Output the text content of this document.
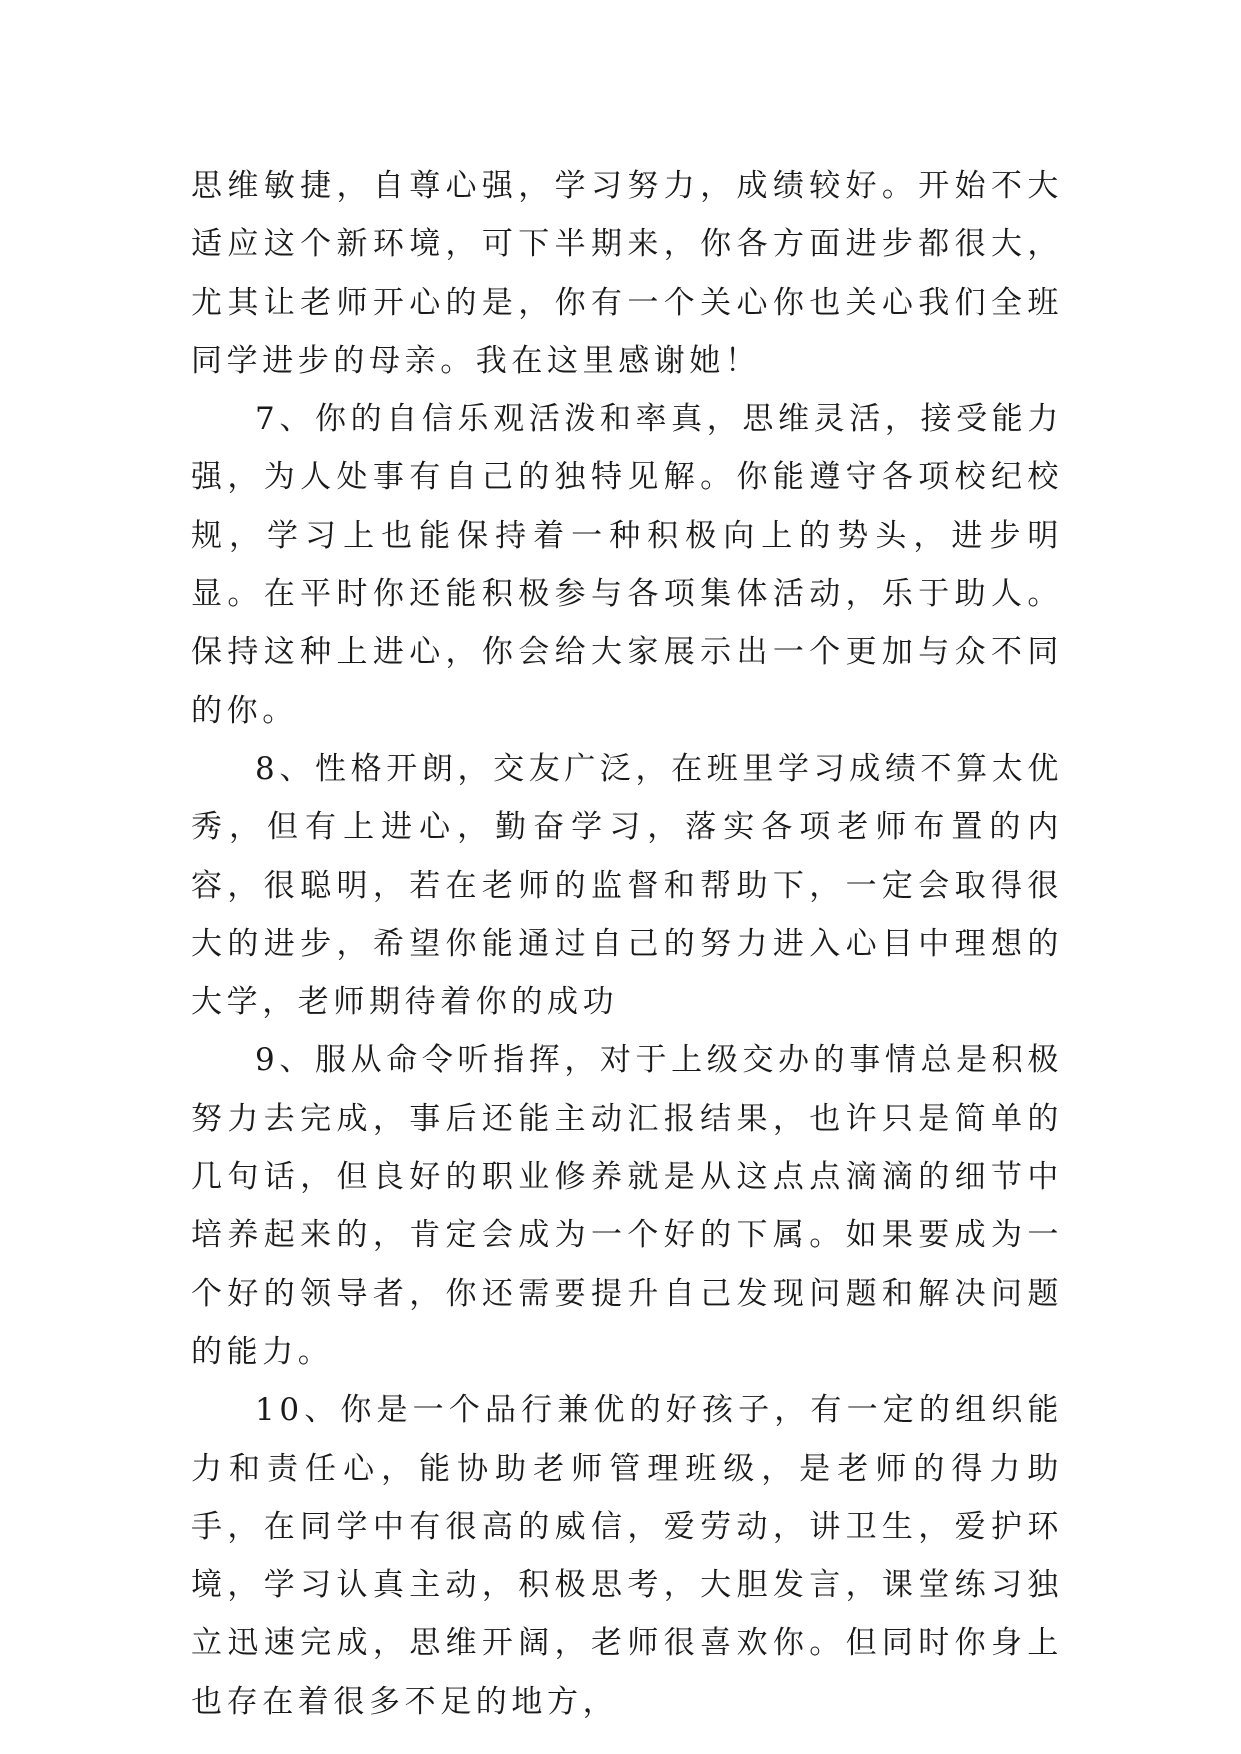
思维敏捷，自尊心强，学习努力，成绩较好。开始不大适应这个新环境，可下半期来，你各方面进步都很大，尤其让老师开心的是，你有一个关心你也关心我们全班同学进步的母亲。我在这里感谢她！

7、你的自信乐观活泼和率真，思维灵活，接受能力强，为人处事有自己的独特见解。你能遵守各项校纪校规，学习上也能保持着一种积极向上的势头，进步明显。在平时你还能积极参与各项集体活动，乐于助人。保持这种上进心，你会给大家展示出一个更加与众不同的你。

8、性格开朗，交友广泛，在班里学习成绩不算太优秀，但有上进心，勤奋学习，落实各项老师布置的内容，很聪明，若在老师的监督和帮助下，一定会取得很大的进步，希望你能通过自己的努力进入心目中理想的大学，老师期待着你的成功

9、服从命令听指挥，对于上级交办的事情总是积极努力去完成，事后还能主动汇报结果，也许只是简单的几句话，但良好的职业修养就是从这点点滴滴的细节中培养起来的，肯定会成为一个好的下属。如果要成为一个好的领导者，你还需要提升自己发现问题和解决问题的能力。

10、你是一个品行兼优的好孩子，有一定的组织能力和责任心，能协助老师管理班级，是老师的得力助手，在同学中有很高的威信，爱劳动，讲卫生，爱护环境，学习认真主动，积极思考，大胆发言，课堂练习独立迅速完成，思维开阔，老师很喜欢你。但同时你身上也存在着很多不足的地方，
